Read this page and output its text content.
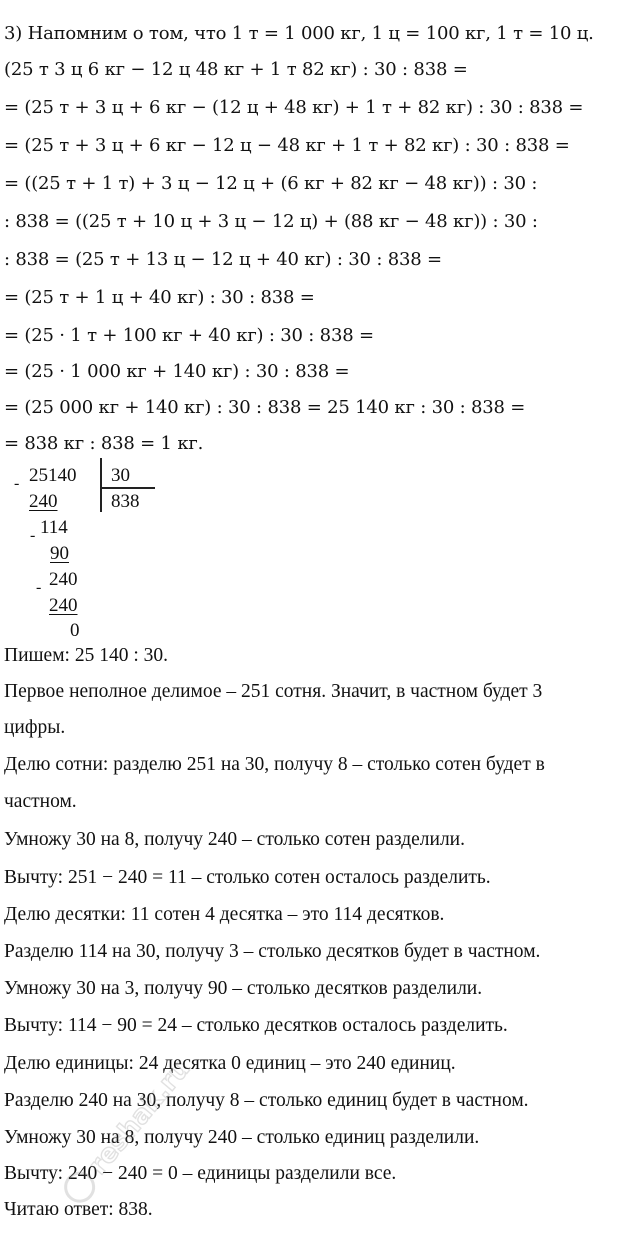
3) Напомним о том, что 1 т = 1 000 кг, 1 ц = 100 кг, 1 т = 10 ц.
(25 т 3 ц 6 кг − 12 ц 48 кг + 1 т 82 кг) : 30 : 838 =
= (25 т + 3 ц + 6 кг − (12 ц + 48 кг) + 1 т + 82 кг) : 30 : 838 =
= (25 т + 3 ц + 6 кг − 12 ц − 48 кг + 1 т + 82 кг) : 30 : 838 =
= ((25 т + 1 т) + 3 ц − 12 ц + (6 кг + 82 кг − 48 кг)) : 30 :
: 838 = ((25 т + 10 ц + 3 ц − 12 ц) + (88 кг − 48 кг)) : 30 :
: 838 = (25 т + 13 ц − 12 ц + 40 кг) : 30 : 838 =
= (25 т + 1 ц + 40 кг) : 30 : 838 =
= (25 · 1 т + 100 кг + 40 кг) : 30 : 838 =
= (25 · 1 000 кг + 140 кг) : 30 : 838 =
= (25 000 кг + 140 кг) : 30 : 838 = 25 140 кг : 30 : 838 =
= 838 кг : 838 = 1 кг.
- 25140 30
838
240
- 114
90
- 240
240
0
Пишем: 25 140 : 30.
Первое неполное делимое – 251 сотня. Значит, в частном будет 3
цифры.
Делю сотни: разделю 251 на 30, получу 8 – столько сотен будет в
частном.
Умножу 30 на 8, получу 240 – столько сотен разделили.
Вычту: 251 − 240 = 11 – столько сотен осталось разделить.
Делю десятки: 11 сотен 4 десятка – это 114 десятков.
Разделю 114 на 30, получу 3 – столько десятков будет в частном.
Умножу 30 на 3, получу 90 – столько десятков разделили.
Вычту: 114 − 90 = 24 – столько десятков осталось разделить.
Делю единицы: 24 десятка 0 единиц – это 240 единиц.
Разделю 240 на 30, получу 8 – столько единиц будет в частном.
Умножу 30 на 8, получу 240 – столько единиц разделили.
Вычту: 240 − 240 = 0 – единицы разделили все.
Читаю ответ: 838.
reshak.ru
